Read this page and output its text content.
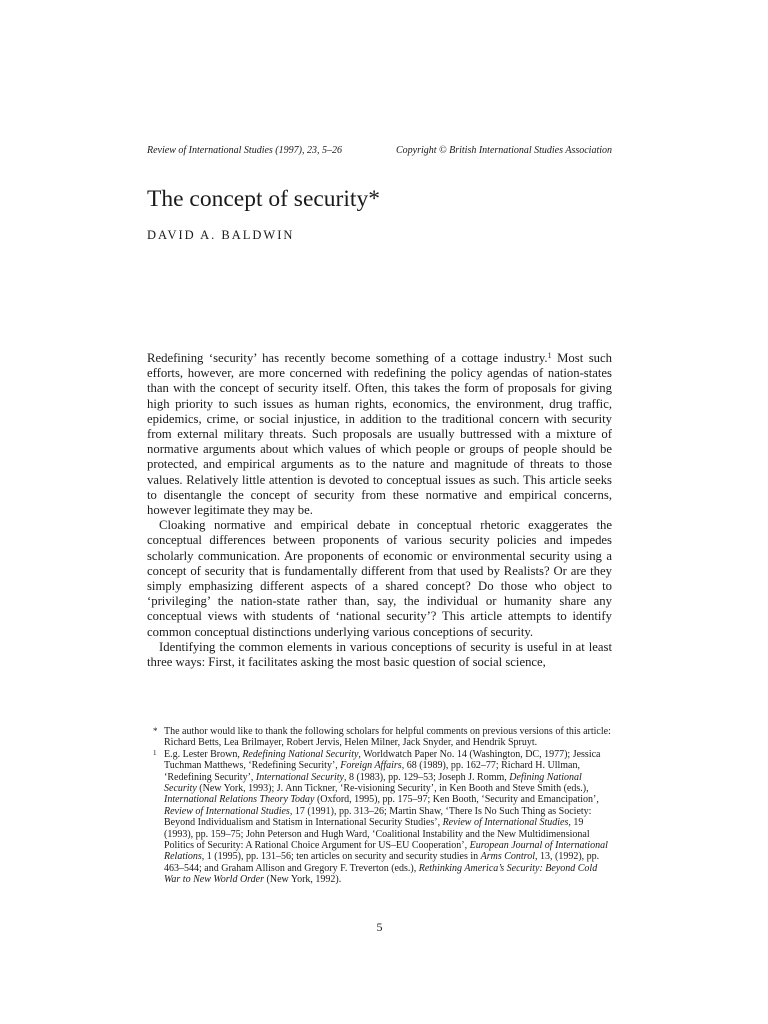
Review of International Studies (1997), 23, 5–26	Copyright © British International Studies Association
The concept of security*
DAVID A. BALDWIN

Redefining ‘security’ has recently become something of a cottage industry.$^1$ Most such efforts, however, are more concerned with redefining the policy agendas of nation-states than with the concept of security itself. Often, this takes the form of proposals for giving high priority to such issues as human rights, economics, the environment, drug traffic, epidemics, crime, or social injustice, in addition to the traditional concern with security from external military threats. Such proposals are usually buttressed with a mixture of normative arguments about which values of which people or groups of people should be protected, and empirical arguments as to the nature and magnitude of threats to those values. Relatively little attention is devoted to conceptual issues as such. This article seeks to disentangle the concept of security from these normative and empirical concerns, however legitimate they may be.

Cloaking normative and empirical debate in conceptual rhetoric exaggerates the conceptual differences between proponents of various security policies and impedes scholarly communication. Are proponents of economic or environmental security using a concept of security that is fundamentally different from that used by Realists? Or are they simply emphasizing different aspects of a shared concept? Do those who object to ‘privileging’ the nation-state rather than, say, the individual or humanity share any conceptual views with students of ‘national security’? This article attempts to identify common conceptual distinctions underlying various conceptions of security.

Identifying the common elements in various conceptions of security is useful in at least three ways: First, it facilitates asking the most basic question of social science,

* The author would like to thank the following scholars for helpful comments on previous versions of this article: Richard Betts, Lea Brilmayer, Robert Jervis, Helen Milner, Jack Snyder, and Hendrik Spruyt.
1 E.g. Lester Brown, Redefining National Security, Worldwatch Paper No. 14 (Washington, DC, 1977); Jessica Tuchman Matthews, ‘Redefining Security’, Foreign Affairs, 68 (1989), pp. 162–77; Richard H. Ullman, ‘Redefining Security’, International Security, 8 (1983), pp. 129–53; Joseph J. Romm, Defining National Security (New York, 1993); J. Ann Tickner, ‘Re-visioning Security’, in Ken Booth and Steve Smith (eds.), International Relations Theory Today (Oxford, 1995), pp. 175–97; Ken Booth, ‘Security and Emancipation’, Review of International Studies, 17 (1991), pp. 313–26; Martin Shaw, ‘There Is No Such Thing as Society: Beyond Individualism and Statism in International Security Studies’, Review of International Studies, 19 (1993), pp. 159–75; John Peterson and Hugh Ward, ‘Coalitional Instability and the New Multidimensional Politics of Security: A Rational Choice Argument for US–EU Cooperation’, European Journal of International Relations, 1 (1995), pp. 131–56; ten articles on security and security studies in Arms Control, 13, (1992), pp. 463–544; and Graham Allison and Gregory F. Treverton (eds.), Rethinking America’s Security: Beyond Cold War to New World Order (New York, 1992).
5
